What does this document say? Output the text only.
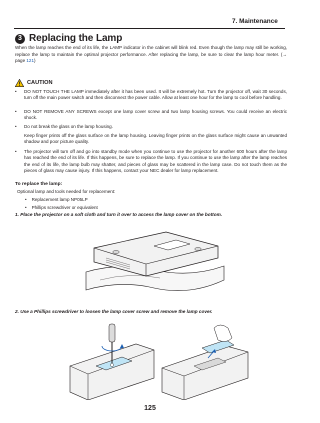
7. Maintenance
3 Replacing the Lamp
When the lamp reaches the end of its life, the LAMP indicator in the cabinet will blink red. Even though the lamp may still be working, replace the lamp to maintain the optimal projector performance. After replacing the lamp, be sure to clear the lamp hour meter. (→ page 121)
CAUTION
• DO NOT TOUCH THE LAMP immediately after it has been used. It will be extremely hot. Turn the projector off, wait 30 seconds, turn off the main power switch and then disconnect the power cable. Allow at least one hour for the lamp to cool before handling.
• DO NOT REMOVE ANY SCREWS except one lamp cover screw and two lamp housing screws. You could receive an electric shock.
• Do not break the glass on the lamp housing.
Keep finger prints off the glass surface on the lamp housing. Leaving finger prints on the glass surface might cause an unwanted shadow and poor picture quality.
• The projector will turn off and go into standby mode when you continue to use the projector for another 600 hours after the lamp has reached the end of its life. If this happens, be sure to replace the lamp. If you continue to use the lamp after the lamp reaches the end of its life, the lamp bulb may shatter, and pieces of glass may be scattered in the lamp case. Do not touch them as the pieces of glass may cause injury. If this happens, contact your NEC dealer for lamp replacement.
To replace the lamp:
Optional lamp and tools needed for replacement:
• Replacement lamp NP05LP
• Phillips screwdriver or equivalent
1. Place the projector on a soft cloth and turn it over to access the lamp cover on the bottom.
2. Use a Phillips screwdriver to loosen the lamp cover screw and remove the lamp cover.
125
